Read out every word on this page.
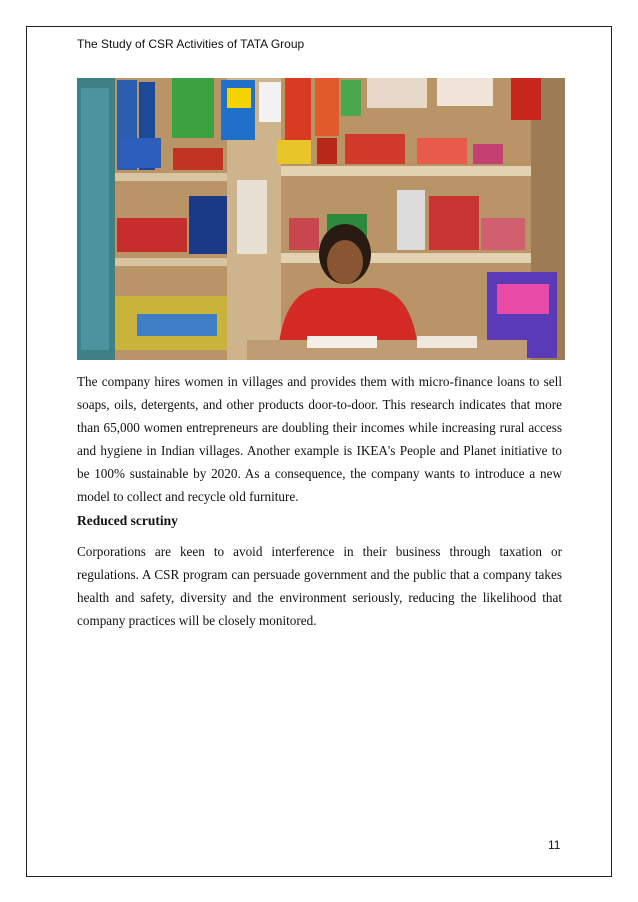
The Study of CSR Activities of TATA Group

The company hires women in villages and provides them with micro-finance loans to sell soaps, oils, detergents, and other products door-to-door. This research indicates that more than 65,000 women entrepreneurs are doubling their incomes while increasing rural access and hygiene in Indian villages. Another example is IKEA's People and Planet initiative to be 100% sustainable by 2020. As a consequence, the company wants to introduce a new model to collect and recycle old furniture.

Reduced scrutiny

Corporations are keen to avoid interference in their business through taxation or regulations. A CSR program can persuade government and the public that a company takes health and safety, diversity and the environment seriously, reducing the likelihood that company practices will be closely monitored.

11
